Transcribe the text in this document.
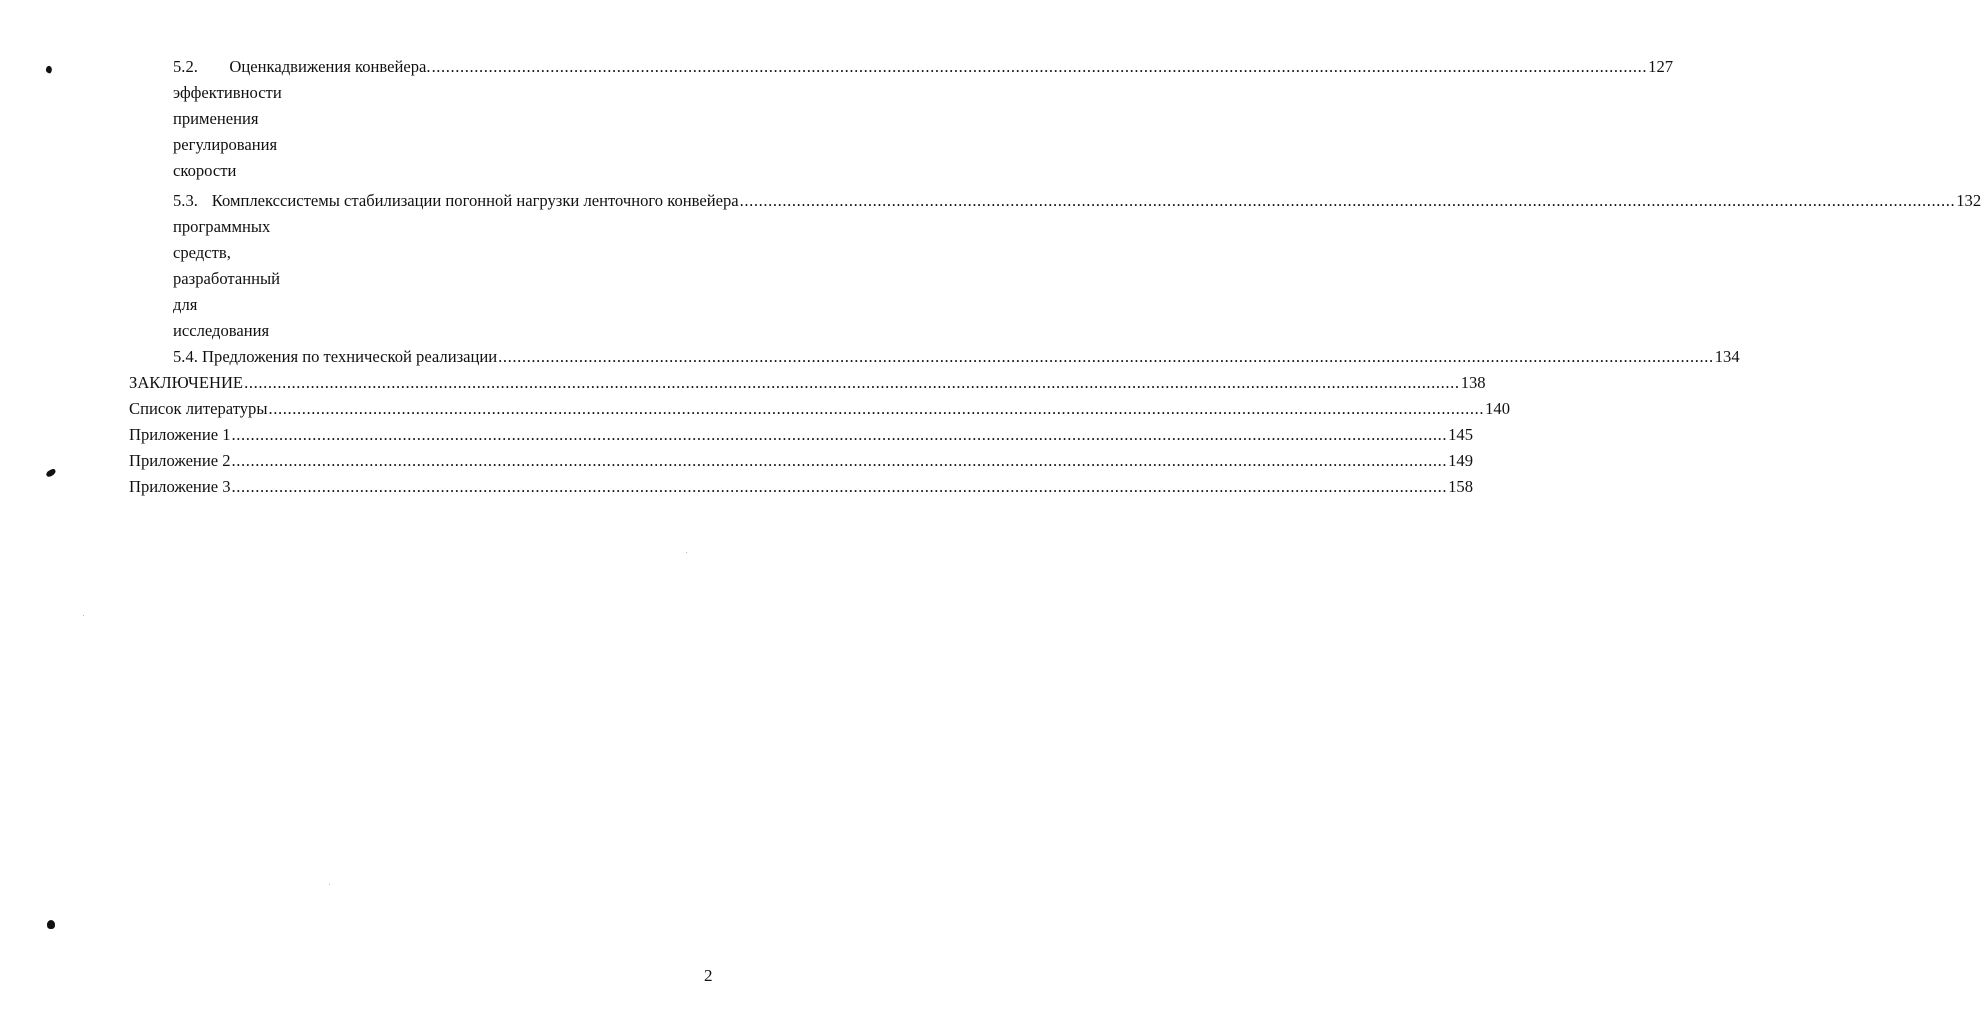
5.2. Оценка эффективности применения регулирования скорости
движения конвейера. .....	127
5.3. Комплекс программных средств, разработанный для исследования
системы стабилизации погонной нагрузки ленточного конвейера .....	132
5.4. Предложения по технической реализации .....	134
ЗАКЛЮЧЕНИЕ .....	138
Список литературы .....	140
Приложение 1 .....	145
Приложение 2 .....	149
Приложение 3 .....	158
2
